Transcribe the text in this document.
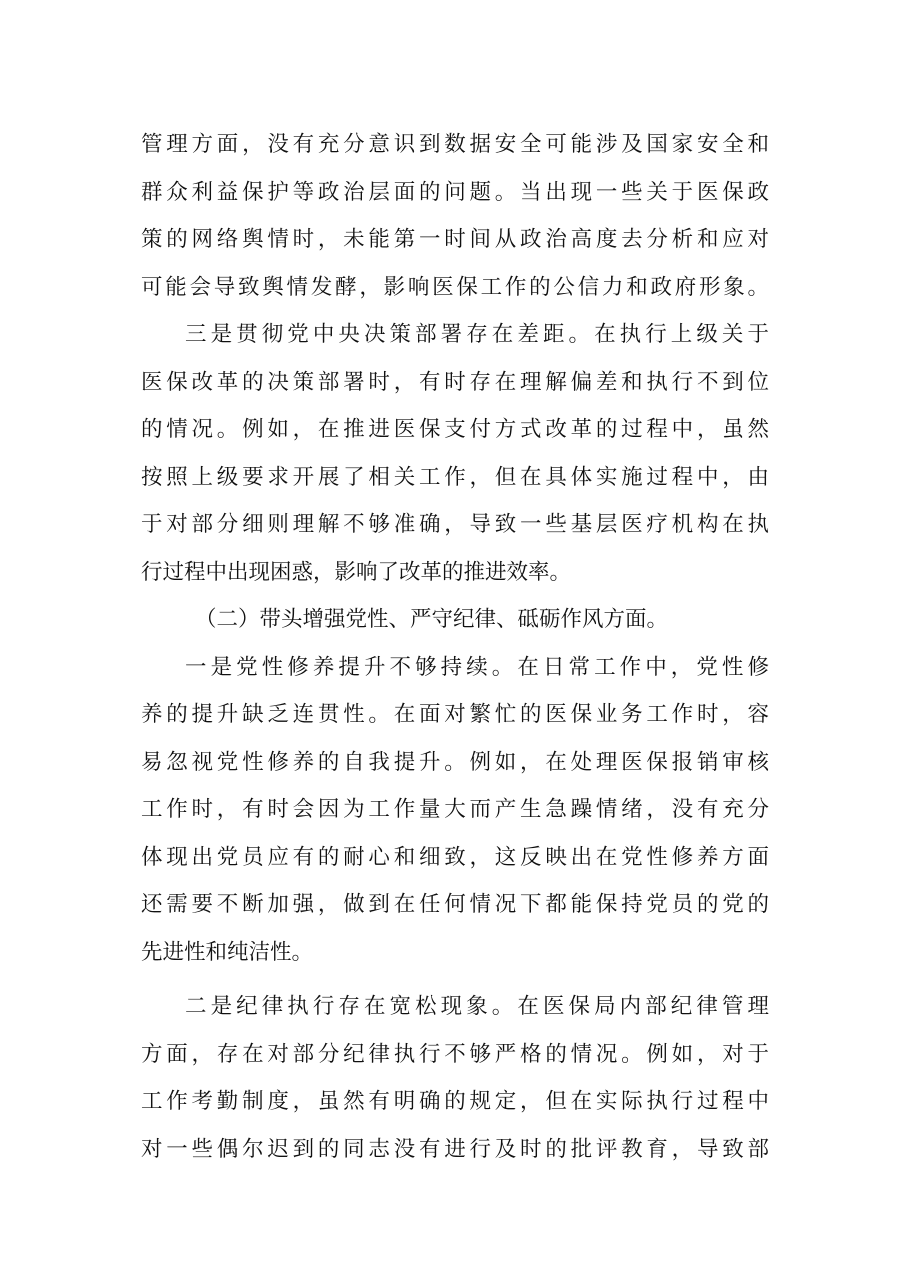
管理方面，没有充分意识到数据安全可能涉及国家安全和
群众利益保护等政治层面的问题。当出现一些关于医保政
策的网络舆情时，未能第一时间从政治高度去分析和应对
可能会导致舆情发酵，影响医保工作的公信力和政府形象。
三是贯彻党中央决策部署存在差距。在执行上级关于
医保改革的决策部署时，有时存在理解偏差和执行不到位
的情况。例如，在推进医保支付方式改革的过程中，虽然
按照上级要求开展了相关工作，但在具体实施过程中，由
于对部分细则理解不够准确，导致一些基层医疗机构在执
行过程中出现困惑，影响了改革的推进效率。
（二）带头增强党性、严守纪律、砥砺作风方面。
一是党性修养提升不够持续。在日常工作中，党性修
养的提升缺乏连贯性。在面对繁忙的医保业务工作时，容
易忽视党性修养的自我提升。例如，在处理医保报销审核
工作时，有时会因为工作量大而产生急躁情绪，没有充分
体现出党员应有的耐心和细致，这反映出在党性修养方面
还需要不断加强，做到在任何情况下都能保持党员的党的
先进性和纯洁性。
二是纪律执行存在宽松现象。在医保局内部纪律管理
方面，存在对部分纪律执行不够严格的情况。例如，对于
工作考勤制度，虽然有明确的规定，但在实际执行过程中
对一些偶尔迟到的同志没有进行及时的批评教育，导致部
